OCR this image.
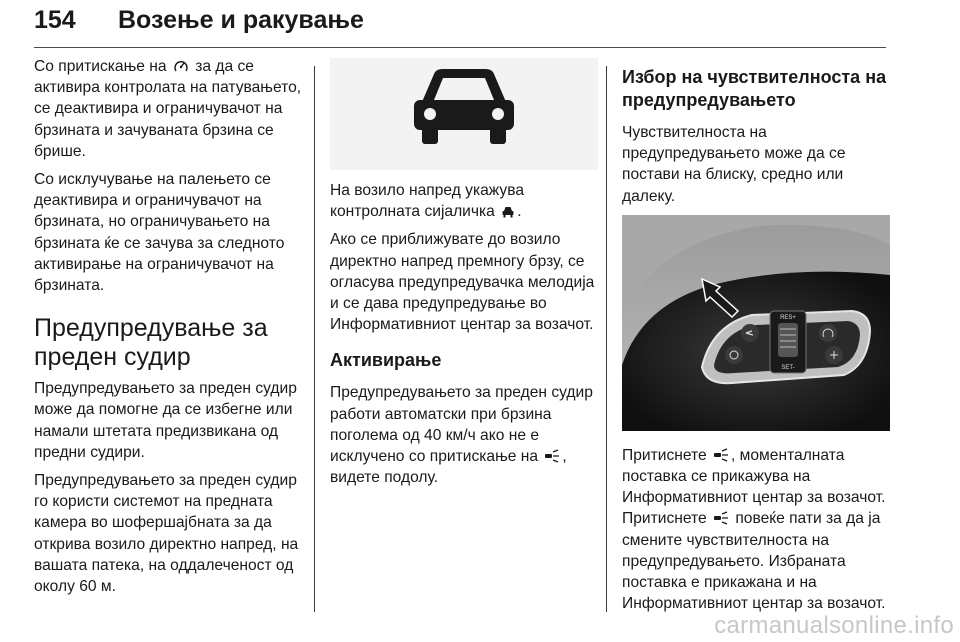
154 Возење и ракување

Со притискање на за да се активира контролата на патувањето, се деактивира и ограничувачот на брзината и зачуваната брзина се брише.

Со исклучување на палењето се деактивира и ограничувачот на брзината, но ограничувањето на брзината ќе се зачува за следното активирање на ограничувачот на брзината.

Предупредување за преден судир

Предупредувањето за преден судир може да помогне да се избегне или намали штетата предизвикана од предни судири.

Предупредувањето за преден судир го користи системот на предната камера во шофершајбната за да открива возило директно напред, на вашата патека, на оддалеченост од околу 60 м.

На возило напред укажува контролната сијаличка .

Ако се приближувате до возило директно напред премногу брзу, се огласува предупредувачка мелодија и се дава предупредување во Информативниот центар за возачот.

Активирање

Предупредувањето за преден судир работи автоматски при брзина поголема од 40 км/ч ако не е исклучено со притискање на , видете подолу.

Избор на чувствителноста на предупредувањето

Чувствителноста на предупредувањето може да се постави на блиску, средно или далеку.

RES+
SET-

Притиснете , моменталната поставка се прикажува на Информативниот центар за возачот. Притиснете повеќе пати за да ја смените чувствителноста на предупредувањето. Избраната поставка е прикажана и на Информативниот центар за возачот.

carmanualsonline.info
